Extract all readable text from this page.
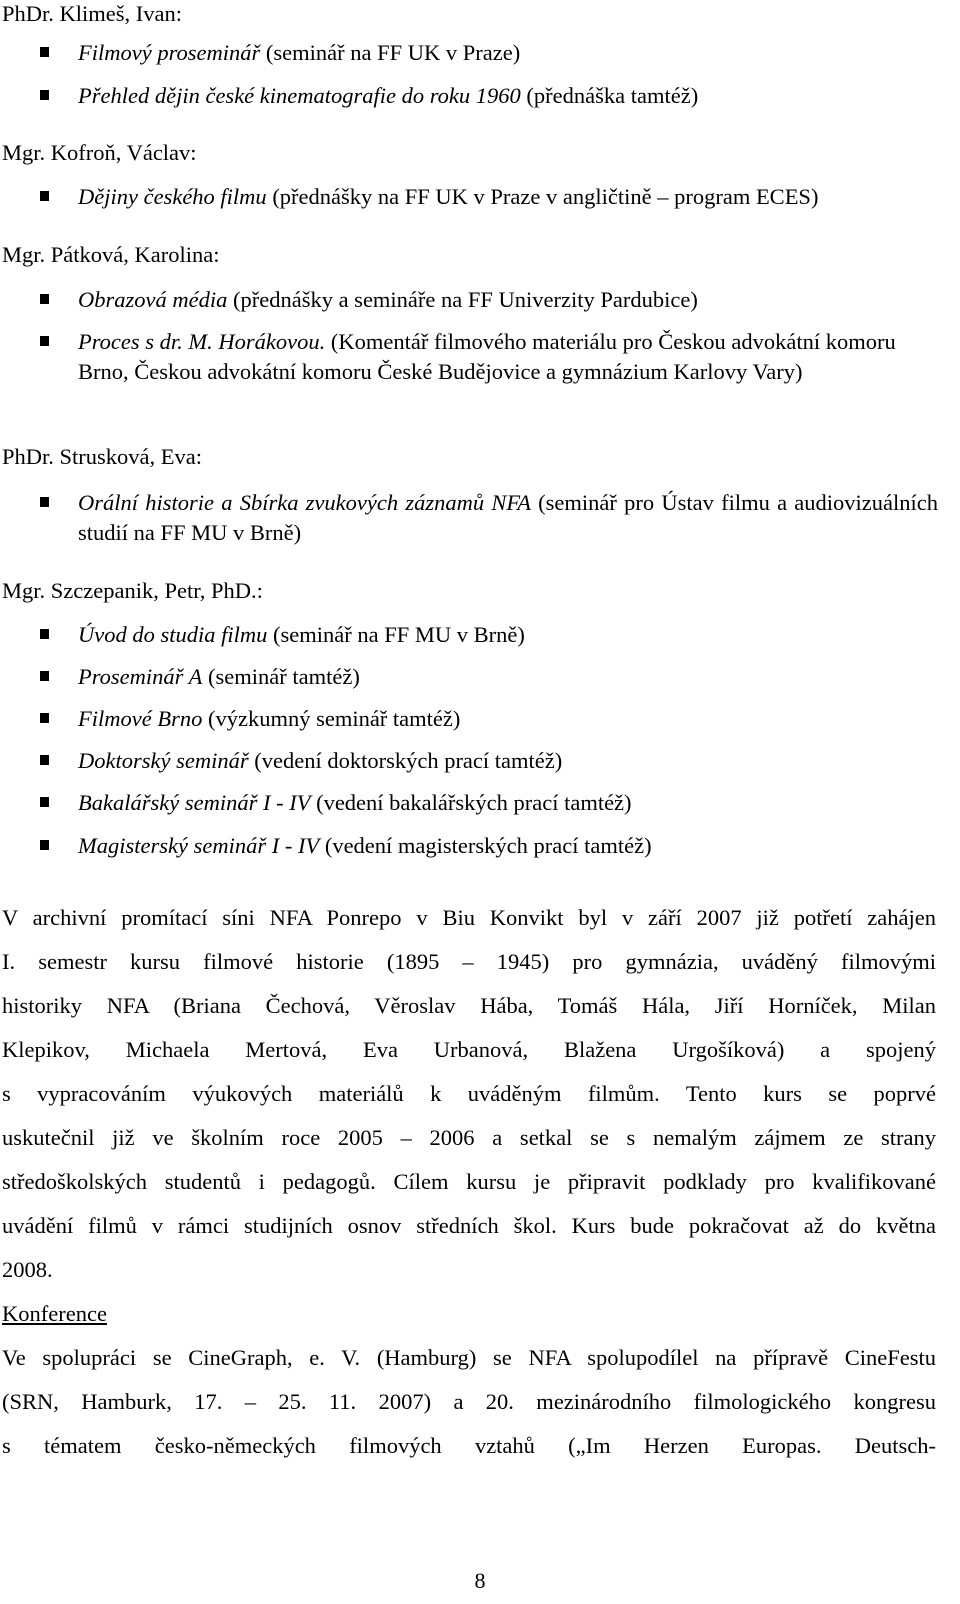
PhDr. Klimeš, Ivan:
Filmový proseminář (seminář na FF UK v Praze)
Přehled dějin české kinematografie do roku 1960 (přednáška tamtéž)
Mgr. Kofroň, Václav:
Dějiny českého filmu (přednášky na FF UK v Praze v angličtině – program ECES)
Mgr. Pátková, Karolina:
Obrazová média (přednášky a semináře na FF Univerzity Pardubice)
Proces s dr. M. Horákovou. (Komentář filmového materiálu pro Českou advokátní komoru Brno, Českou advokátní komoru České Budějovice a gymnázium Karlovy Vary)
PhDr. Strusková, Eva:
Orální historie a Sbírka zvukových záznamů NFA (seminář pro Ústav filmu a audiovizuálních studií na FF MU v Brně)
Mgr. Szczepanik, Petr, PhD.:
Úvod do studia filmu (seminář na FF MU v Brně)
Proseminář A (seminář tamtéž)
Filmové Brno (výzkumný seminář tamtéž)
Doktorský seminář (vedení doktorských prací tamtéž)
Bakalářský seminář I - IV (vedení bakalářských prací tamtéž)
Magisterský seminář I - IV (vedení magisterských prací tamtéž)
V archivní promítací síni NFA Ponrepo v Biu Konvikt byl v září 2007 již potřetí zahájen
I. semestr kursu filmové historie (1895 – 1945) pro gymnázia, uváděný filmovými
historiky NFA (Briana Čechová, Věroslav Hába, Tomáš Hála, Jiří Horníček, Milan
Klepikov, Michaela Mertová, Eva Urbanová, Blažena Urgošíková) a spojený
s vypracováním výukových materiálů k uváděným filmům. Tento kurs se poprvé
uskutečnil již ve školním roce 2005 – 2006 a setkal se s nemalým zájmem ze strany
středoškolských studentů i pedagogů. Cílem kursu je připravit podklady pro kvalifikované
uvádění filmů v rámci studijních osnov středních škol. Kurs bude pokračovat až do května
2008.
Konference
Ve spolupráci se CineGraph, e. V. (Hamburg) se NFA spolupodílel na přípravě CineFestu
(SRN, Hamburk, 17. – 25. 11. 2007) a 20. mezinárodního filmologického kongresu
s tématem česko-německých filmových vztahů („Im Herzen Europas. Deutsch-
8
